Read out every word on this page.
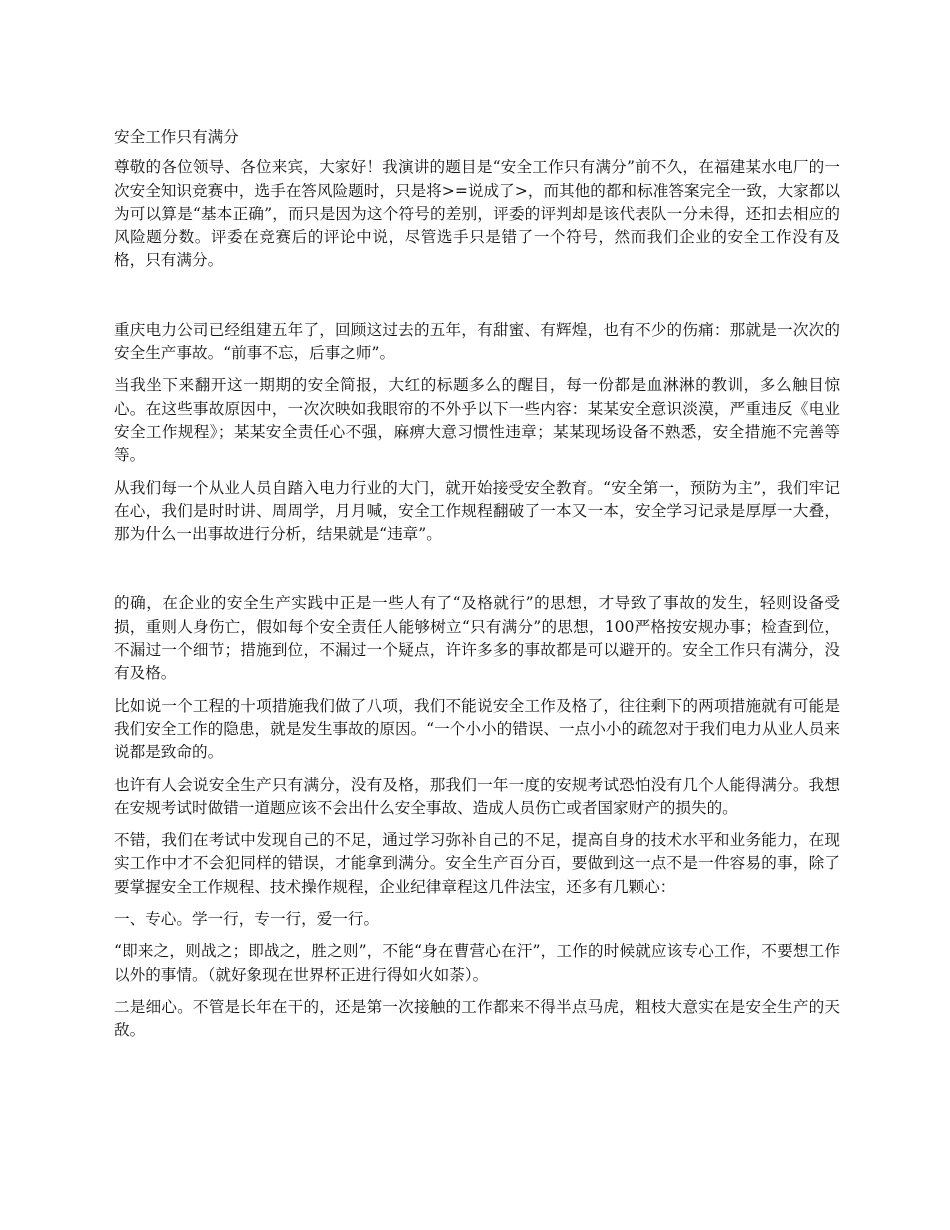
安全工作只有满分

尊敬的各位领导、各位来宾，大家好！我演讲的题目是“安全工作只有满分”前不久，在福建某水电厂的一次安全知识竞赛中，选手在答风险题时，只是将>=说成了>，而其他的都和标准答案完全一致，大家都以为可以算是“基本正确”，而只是因为这个符号的差别，评委的评判却是该代表队一分未得，还扣去相应的风险题分数。评委在竞赛后的评论中说，尽管选手只是错了一个符号，然而我们企业的安全工作没有及格，只有满分。

重庆电力公司已经组建五年了，回顾这过去的五年，有甜蜜、有辉煌，也有不少的伤痛：那就是一次次的安全生产事故。“前事不忘，后事之师”。

当我坐下来翻开这一期期的安全简报，大红的标题多么的醒目，每一份都是血淋淋的教训，多么触目惊心。在这些事故原因中，一次次映如我眼帘的不外乎以下一些内容：某某安全意识淡漠，严重违反《电业安全工作规程》；某某安全责任心不强，麻痹大意习惯性违章；某某现场设备不熟悉，安全措施不完善等等。

从我们每一个从业人员自踏入电力行业的大门，就开始接受安全教育。“安全第一，预防为主”，我们牢记在心，我们是时时讲、周周学，月月喊，安全工作规程翻破了一本又一本，安全学习记录是厚厚一大叠，那为什么一出事故进行分析，结果就是“违章”。

的确，在企业的安全生产实践中正是一些人有了“及格就行”的思想，才导致了事故的发生，轻则设备受损，重则人身伤亡，假如每个安全责任人能够树立“只有满分”的思想，100严格按安规办事；检查到位，不漏过一个细节；措施到位，不漏过一个疑点，许许多多的事故都是可以避开的。安全工作只有满分，没有及格。

比如说一个工程的十项措施我们做了八项，我们不能说安全工作及格了，往往剩下的两项措施就有可能是我们安全工作的隐患，就是发生事故的原因。“一个小小的错误、一点小小的疏忽对于我们电力从业人员来说都是致命的。

也许有人会说安全生产只有满分，没有及格，那我们一年一度的安规考试恐怕没有几个人能得满分。我想在安规考试时做错一道题应该不会出什么安全事故、造成人员伤亡或者国家财产的损失的。

不错，我们在考试中发现自己的不足，通过学习弥补自己的不足，提高自身的技术水平和业务能力，在现实工作中才不会犯同样的错误，才能拿到满分。安全生产百分百，要做到这一点不是一件容易的事，除了要掌握安全工作规程、技术操作规程，企业纪律章程这几件法宝，还多有几颗心：

一、专心。学一行，专一行，爱一行。

“即来之，则战之；即战之，胜之则”，不能“身在曹营心在汗”，工作的时候就应该专心工作，不要想工作以外的事情。（就好象现在世界杯正进行得如火如荼）。

二是细心。不管是长年在干的，还是第一次接触的工作都来不得半点马虎，粗枝大意实在是安全生产的天敌。
